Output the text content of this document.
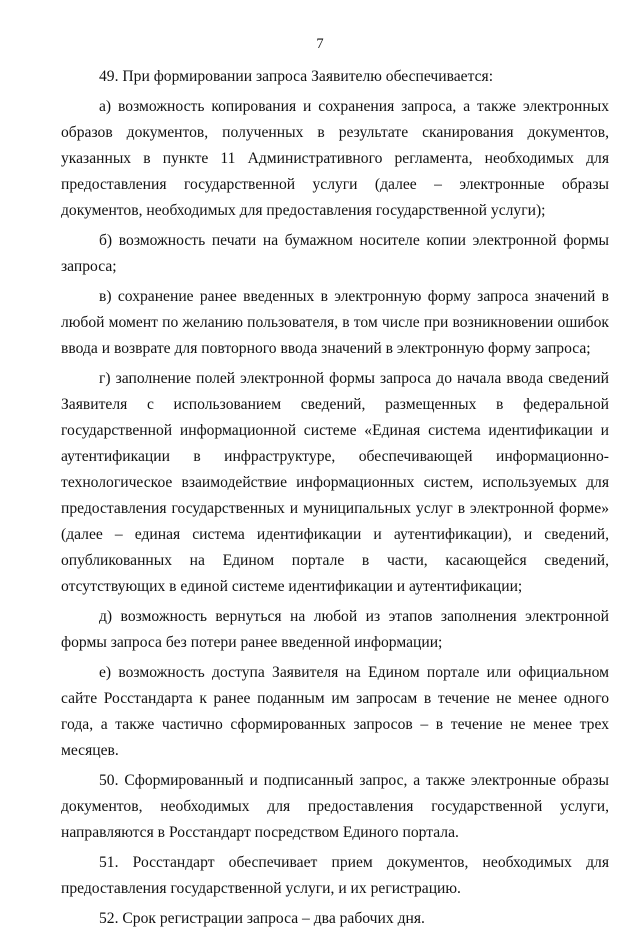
7

49. При формировании запроса Заявителю обеспечивается:

а) возможность копирования и сохранения запроса, а также электронных образов документов, полученных в результате сканирования документов, указанных в пункте 11 Административного регламента, необходимых для предоставления государственной услуги (далее – электронные образы документов, необходимых для предоставления государственной услуги);

б) возможность печати на бумажном носителе копии электронной формы запроса;

в) сохранение ранее введенных в электронную форму запроса значений в любой момент по желанию пользователя, в том числе при возникновении ошибок ввода и возврате для повторного ввода значений в электронную форму запроса;

г) заполнение полей электронной формы запроса до начала ввода сведений Заявителя с использованием сведений, размещенных в федеральной государственной информационной системе «Единая система идентификации и аутентификации в инфраструктуре, обеспечивающей информационно-технологическое взаимодействие информационных систем, используемых для предоставления государственных и муниципальных услуг в электронной форме» (далее – единая система идентификации и аутентификации), и сведений, опубликованных на Едином портале в части, касающейся сведений, отсутствующих в единой системе идентификации и аутентификации;

д) возможность вернуться на любой из этапов заполнения электронной формы запроса без потери ранее введенной информации;

е) возможность доступа Заявителя на Едином портале или официальном сайте Росстандарта к ранее поданным им запросам в течение не менее одного года, а также частично сформированных запросов – в течение не менее трех месяцев.

50. Сформированный и подписанный запрос, а также электронные образы документов, необходимых для предоставления государственной услуги, направляются в Росстандарт посредством Единого портала.

51. Росстандарт обеспечивает прием документов, необходимых для предоставления государственной услуги, и их регистрацию.

52. Срок регистрации запроса – два рабочих дня.
